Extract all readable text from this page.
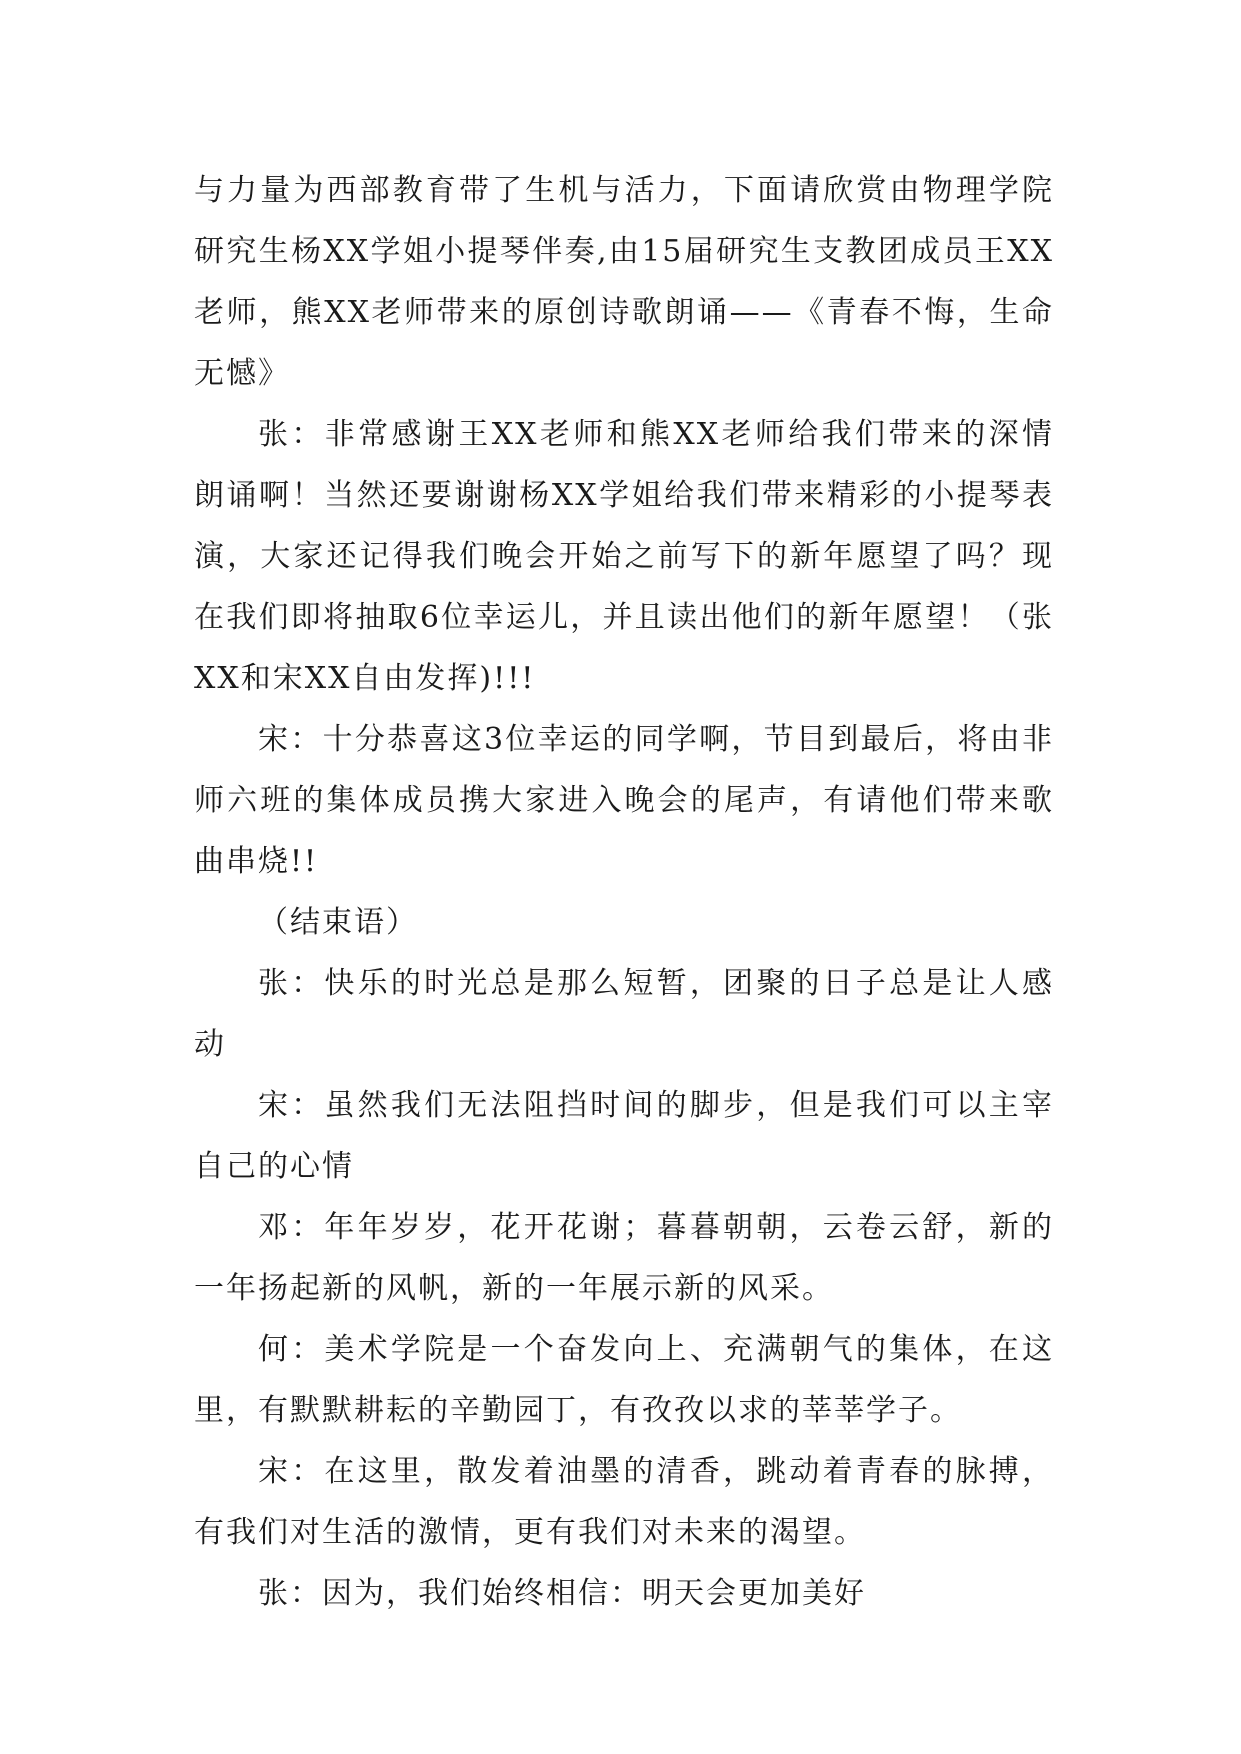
与力量为西部教育带了生机与活力，下面请欣赏由物理学院研究生杨XX学姐小提琴伴奏,由15届研究生支教团成员王XX老师，熊XX老师带来的原创诗歌朗诵——《青春不悔，生命无憾》

张：非常感谢王XX老师和熊XX老师给我们带来的深情朗诵啊！当然还要谢谢杨XX学姐给我们带来精彩的小提琴表演，大家还记得我们晚会开始之前写下的新年愿望了吗？现在我们即将抽取6位幸运儿，并且读出他们的新年愿望！（张XX和宋XX自由发挥)!!!

宋：十分恭喜这3位幸运的同学啊，节目到最后，将由非师六班的集体成员携大家进入晚会的尾声，有请他们带来歌曲串烧!!

（结束语）

张：快乐的时光总是那么短暂，团聚的日子总是让人感动

宋：虽然我们无法阻挡时间的脚步，但是我们可以主宰自己的心情

邓：年年岁岁，花开花谢；暮暮朝朝，云卷云舒，新的一年扬起新的风帆，新的一年展示新的风采。

何：美术学院是一个奋发向上、充满朝气的集体，在这里，有默默耕耘的辛勤园丁，有孜孜以求的莘莘学子。

宋：在这里，散发着油墨的清香，跳动着青春的脉搏，有我们对生活的激情，更有我们对未来的渴望。

张：因为，我们始终相信：明天会更加美好
